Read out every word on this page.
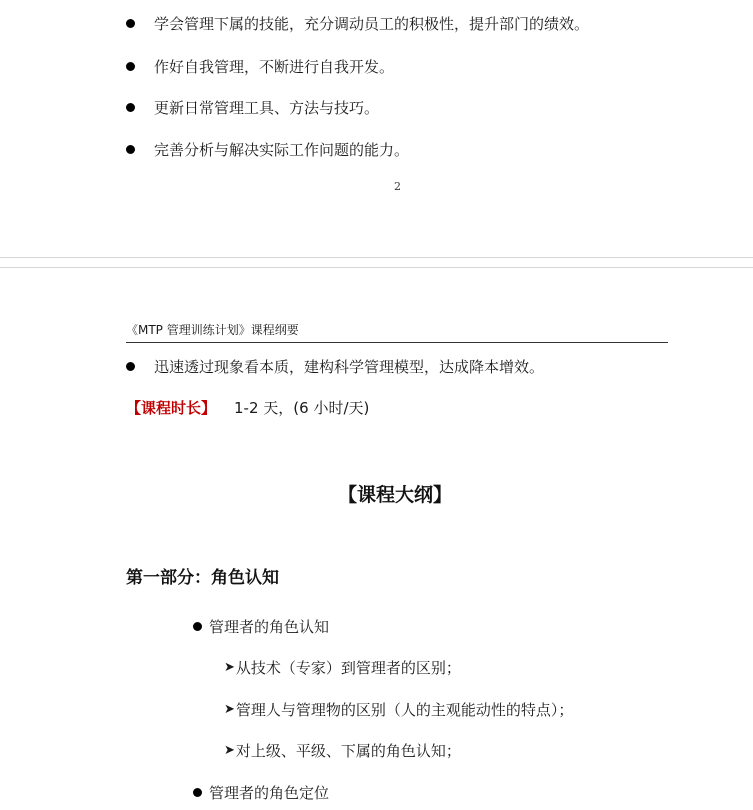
学会管理下属的技能，充分调动员工的积极性，提升部门的绩效。
作好自我管理，不断进行自我开发。
更新日常管理工具、方法与技巧。
完善分析与解决实际工作问题的能力。
2
《MTP 管理训练计划》课程纲要
迅速透过现象看本质，建构科学管理模型，达成降本增效。
【课程时长】 1-2 天，(6 小时/天)
【课程大纲】
第一部分：角色认知
管理者的角色认知
➤ 从技术（专家）到管理者的区别；
➤ 管理人与管理物的区别（人的主观能动性的特点）；
➤ 对上级、平级、下属的角色认知；
管理者的角色定位
